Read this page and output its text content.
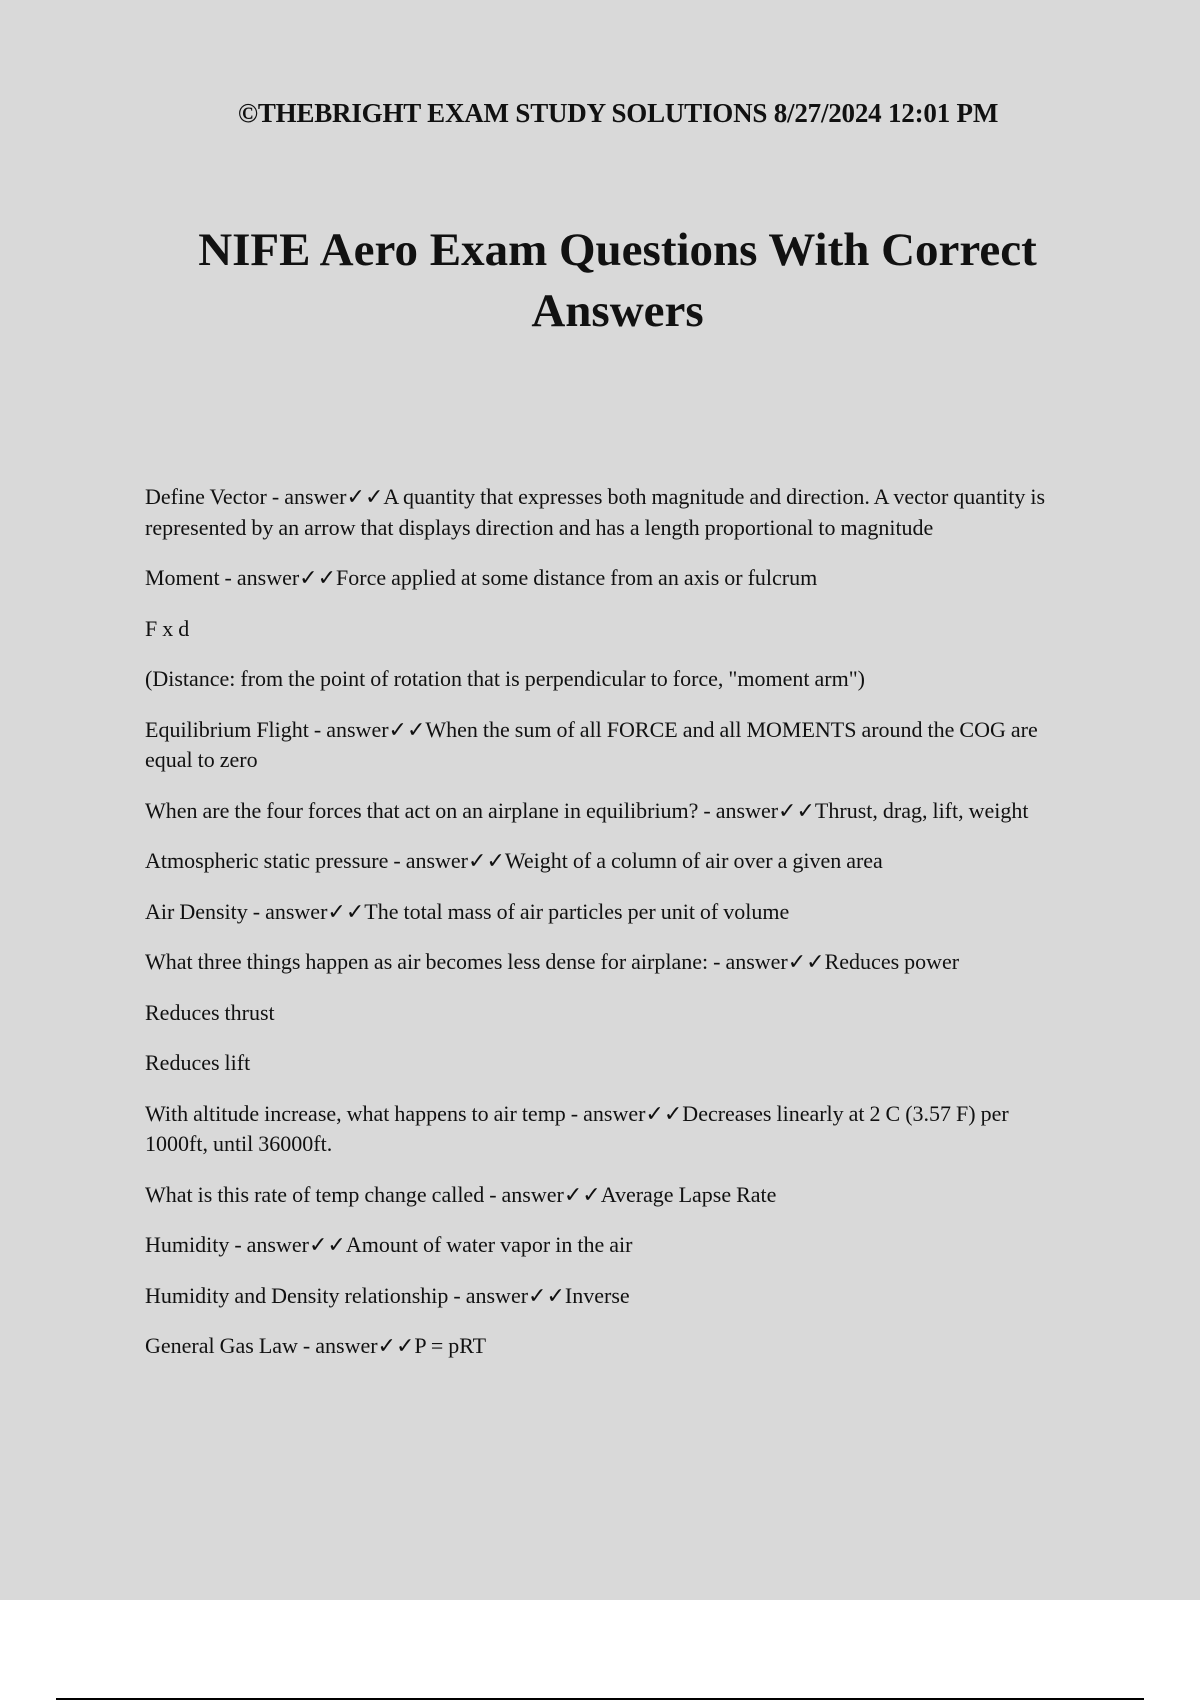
©THEBRIGHT EXAM STUDY SOLUTIONS 8/27/2024 12:01 PM

NIFE Aero Exam Questions With Correct Answers
Define Vector - answer✓✓A quantity that expresses both magnitude and direction. A vector quantity is represented by an arrow that displays direction and has a length proportional to magnitude
Moment - answer✓✓Force applied at some distance from an axis or fulcrum
F x d
(Distance: from the point of rotation that is perpendicular to force, "moment arm")
Equilibrium Flight - answer✓✓When the sum of all FORCE and all MOMENTS around the COG are equal to zero
When are the four forces that act on an airplane in equilibrium? - answer✓✓Thrust, drag, lift, weight
Atmospheric static pressure - answer✓✓Weight of a column of air over a given area
Air Density - answer✓✓The total mass of air particles per unit of volume
What three things happen as air becomes less dense for airplane: - answer✓✓Reduces power
Reduces thrust
Reduces lift
With altitude increase, what happens to air temp - answer✓✓Decreases linearly at 2 C (3.57 F) per 1000ft, until 36000ft.
What is this rate of temp change called - answer✓✓Average Lapse Rate
Humidity - answer✓✓Amount of water vapor in the air
Humidity and Density relationship - answer✓✓Inverse
General Gas Law - answer✓✓P = pRT
